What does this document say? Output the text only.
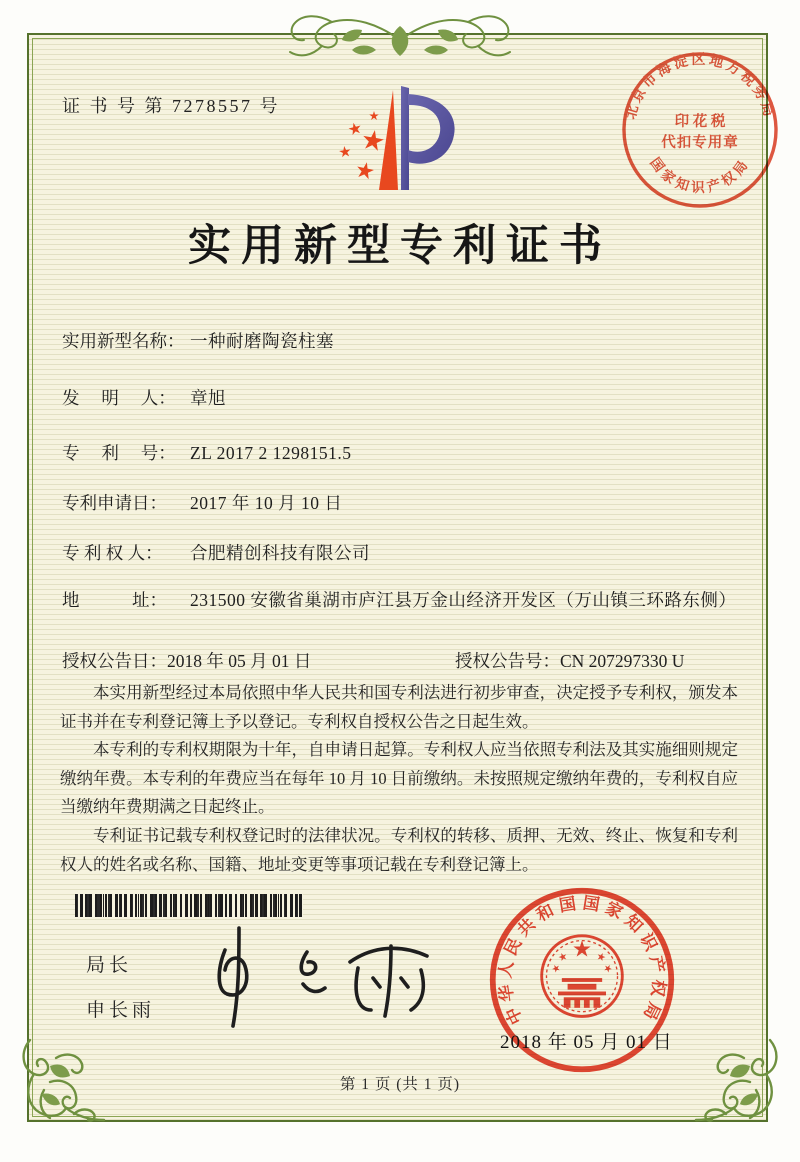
证 书 号 第 7278557 号	北京市海淀区地方税务局
国家知识产权局
印 花 税
代扣专用章
实用新型专利证书
实用新型名称： 一种耐磨陶瓷柱塞
发　 明 　人： 章旭
专　 利 　号： ZL 2017 2 1298151.5
专利申请日：	2017 年 10 月 10 日
专 利 权 人：	合肥精创科技有限公司
地　　　址：	231500 安徽省巢湖市庐江县万金山经济开发区（万山镇三环路东侧）
授权公告日：2018 年 05 月 01 日	授权公告号：CN 207297330 U

本实用新型经过本局依照中华人民共和国专利法进行初步审查，决定授予专利权，颁发本证书并在专利登记簿上予以登记。专利权自授权公告之日起生效。

本专利的专利权期限为十年，自申请日起算。专利权人应当依照专利法及其实施细则规定缴纳年费。本专利的年费应当在每年 10 月 10 日前缴纳。未按照规定缴纳年费的，专利权自应当缴纳年费期满之日起终止。

专利证书记载专利权登记时的法律状况。专利权的转移、质押、无效、终止、恢复和专利权人的姓名或名称、国籍、地址变更等事项记载在专利登记簿上。

局长
申长雨	中华人民共和国国家知识产权局
2018 年 05 月 01 日
第 1 页 (共 1 页)
